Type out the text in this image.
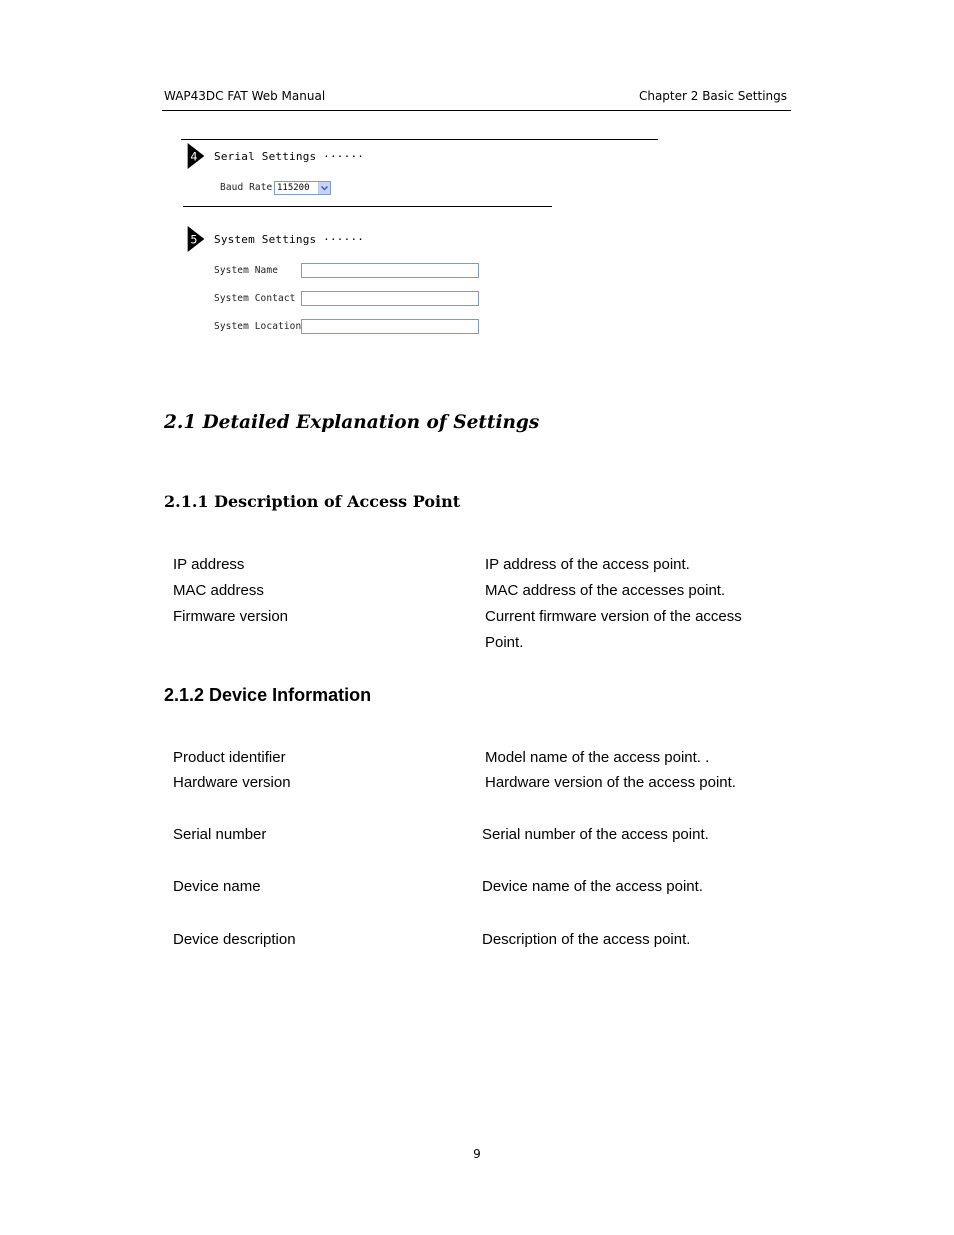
WAP43DC FAT Web Manual	Chapter 2 Basic Settings
4 Serial Settings ······
Baud Rate 115200
5 System Settings ······
System Name
System Contact
System Location
2.1 Detailed Explanation of Settings
2.1.1 Description of Access Point
IP address	IP address of the access point.
MAC address	MAC address of the accesses point.
Firmware version	Current firmware version of the access
Point.
2.1.2 Device Information
Product identifier	Model name of the access point. .
Hardware version	Hardware version of the access point.
Serial number	Serial number of the access point.
Device name	Device name of the access point.
Device description	Description of the access point.
9
